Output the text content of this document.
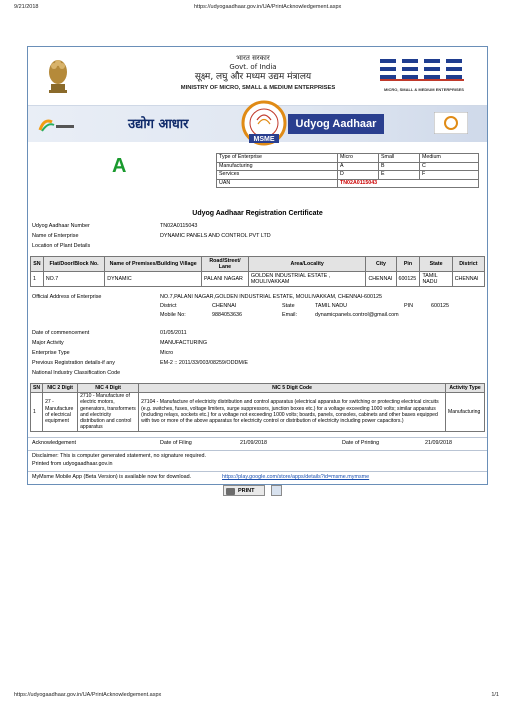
9/21/2018	https://udyogaadhaar.gov.in/UA/PrintAcknowledgement.aspx
भारत सरकार
Govt. of India
सूक्ष्म, लघु और मध्यम उद्यम मंत्रालय
MINISTRY OF MICRO, SMALL & MEDIUM ENTERPRISES	MICRO, SMALL & MEDIUM ENTERPRISES
उद्योग आधार
MSME
Udyog Aadhaar
A	Type of Enterprise	Micro	Small	Medium
Manufacturing	A	B	C
Services	D	E	F
UAN	TN02A0115043		
Udyog Aadhaar Registration Certificate
Udyog Aadhaar Number	TN02A0115043
Name of Enterprise	DYNAMIC PANELS AND CONTROL PVT LTD
Location of Plant Details
SN	Flat/Door/Block No.	Name of Premises/Building Village	Road/Street/ Lane	Area/Locality	City	Pin	State	District
1	NO.7	DYNAMIC	PALANI NAGAR	GOLDEN INDUSTRIAL ESTATE , MOULIVAKKAM	CHENNAI	600125	TAMIL NADU	CHENNAI
Official Address of Enterprise	NO.7,PALANI NAGAR,GOLDEN INDUSTRIAL ESTATE, MOULIVAKKAM, CHENNAI-600125
District	CHENNAI	State	TAMIL NADU	PIN	600125
Mobile No:	9884053636	Email:	dynamicpanels.control@gmail.com
Date of commencement	01/05/2011
Major Activity	MANUFACTURING
Enterprise Type	Micro
Previous Registration details-if any	EM-2 :: 2011/33/003/08259/ODDM/E
National Industry Classification Code
SN	NIC 2 Digit	NIC 4 Digit	NIC 5 Digit Code	Activity Type
1	27 - Manufacture of electrical equipment	2710 - Manufacture of electric motors, generators, transformers and electricity distribution and control apparatus	27104 - Manufacture of electricity distribution and control apparatus (electrical apparatus for switching or protecting electrical circuits (e.g. switches, fuses, voltage limiters, surge suppressors, junction boxes etc.) for a voltage exceeding 1000 volts; similar apparatus (including relays, sockets etc.) for a voltage not exceeding 1000 volts; boards, panels, consoles, cabinets and other bases equipped with two or more of the above apparatus for electricity control or distribution of electricity including power capacitors.)	Manufacturing
Acknowledgement	Date of Filing	21/09/2018	Date of Printing	21/09/2018
Disclaimer: This is computer generated statement, no signature required.
Printed from udyogaadhaar.gov.in
MyMsme Mobile App (Beta Version) is available now for download.	https://play.google.com/store/apps/details?id=msme.mymsme
PRINT
https://udyogaadhaar.gov.in/UA/PrintAcknowledgement.aspx	1/1
